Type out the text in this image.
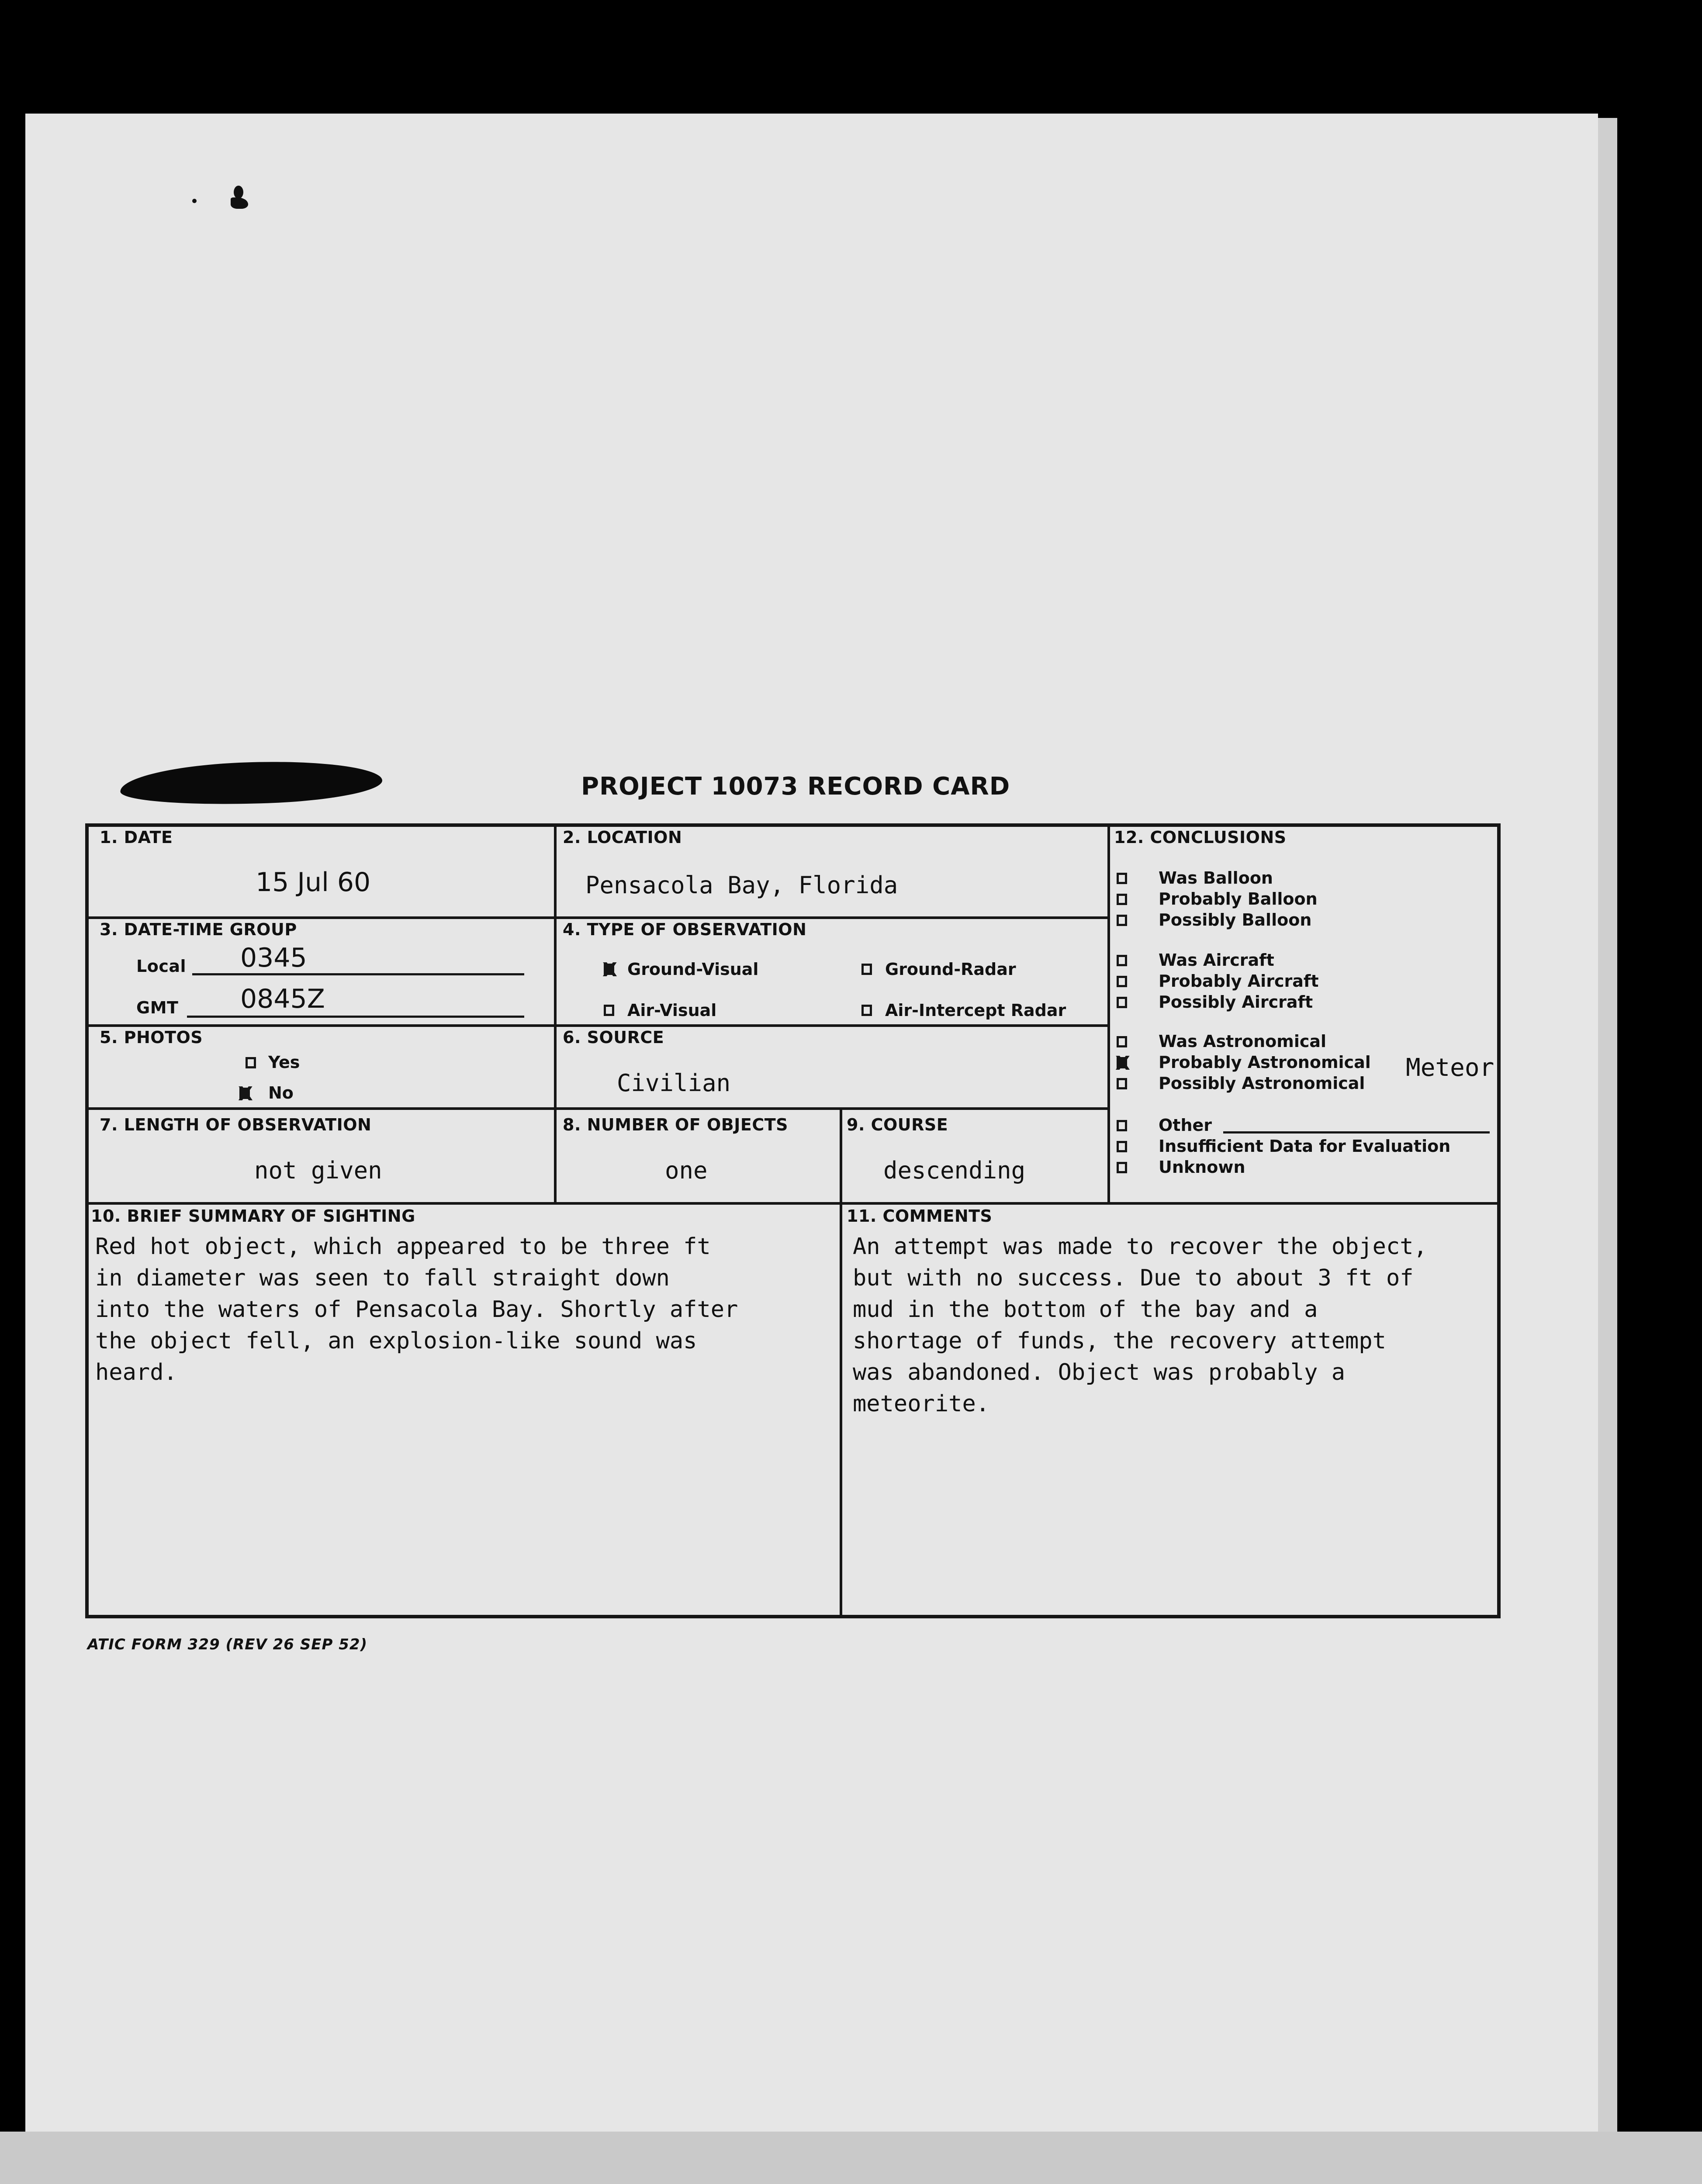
PROJECT 10073 RECORD CARD
1. DATE
15 Jul 60
2. LOCATION
Pensacola Bay, Florida
3. DATE-TIME GROUP
Local 0345
GMT 0845Z
4. TYPE OF OBSERVATION
X
Ground-Visual	Ground-Radar
Air-Visual	Air-Intercept Radar
5. PHOTOS
Yes
X
No
6. SOURCE
Civilian
7. LENGTH OF OBSERVATION
not given
8. NUMBER OF OBJECTS
one
9. COURSE
descending
12. CONCLUSIONS
Was Balloon
Probably Balloon
Possibly Balloon
Was Aircraft
Probably Aircraft
Possibly Aircraft
Was Astronomical
X
Probably Astronomical
Possibly Astronomical
Meteor
Other
Insufficient Data for Evaluation
Unknown
10. BRIEF SUMMARY OF SIGHTING
Red hot object, which appeared to be three ft
in diameter was seen to fall straight down
into the waters of Pensacola Bay. Shortly after
the object fell, an explosion-like sound was
heard.
11. COMMENTS
An attempt was made to recover the object,
but with no success. Due to about 3 ft of
mud in the bottom of the bay and a
shortage of funds, the recovery attempt
was abandoned. Object was probably a
meteorite.
ATIC FORM 329 (REV 26 SEP 52)
